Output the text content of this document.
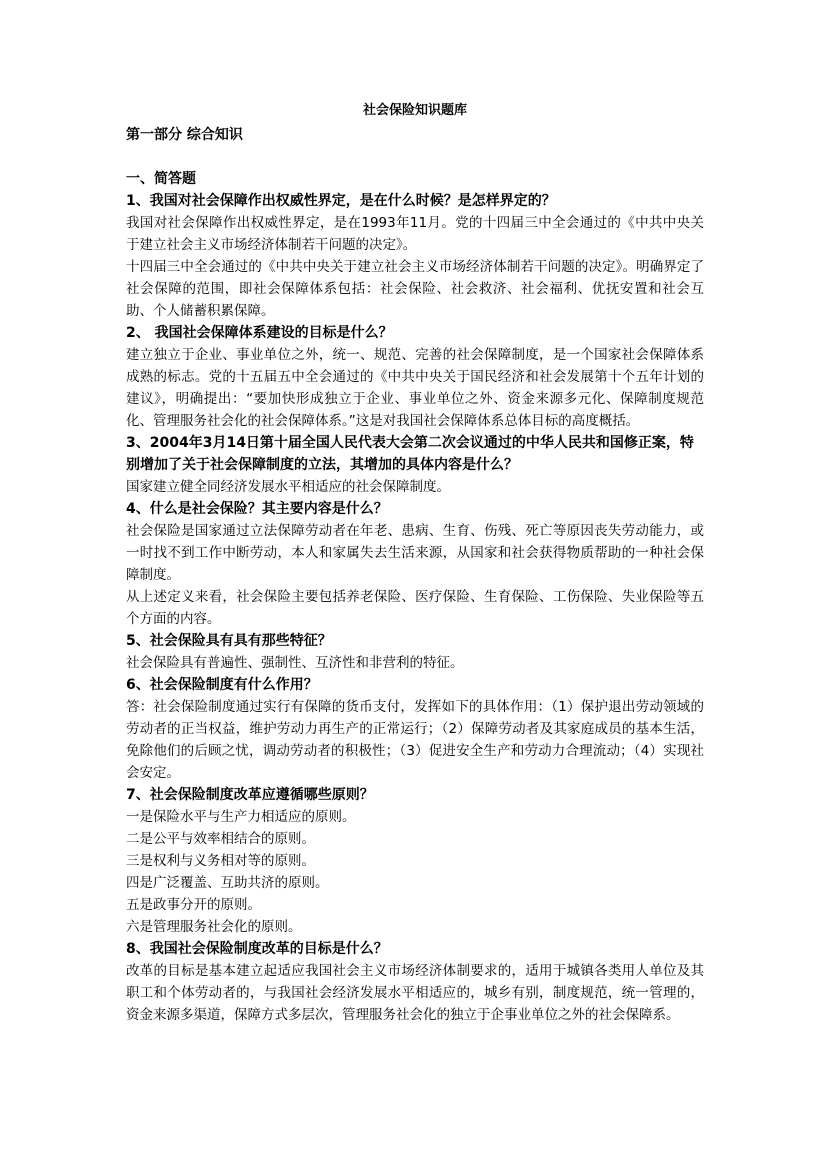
社会保险知识题库
第一部分 综合知识
一、简答题
1、我国对社会保障作出权威性界定，是在什么时候？是怎样界定的？
我国对社会保障作出权威性界定，是在1993年11月。党的十四届三中全会通过的《中共中央关于建立社会主义市场经济体制若干问题的决定》。
十四届三中全会通过的《中共中央关于建立社会主义市场经济体制若干问题的决定》。明确界定了社会保障的范围，即社会保障体系包括：社会保险、社会救济、社会福利、优抚安置和社会互助、个人储蓄积累保障。
2、 我国社会保障体系建设的目标是什么？
建立独立于企业、事业单位之外，统一、规范、完善的社会保障制度，是一个国家社会保障体系成熟的标志。党的十五届五中全会通过的《中共中央关于国民经济和社会发展第十个五年计划的建议》，明确提出：“要加快形成独立于企业、事业单位之外、资金来源多元化、保障制度规范化、管理服务社会化的社会保障体系。”这是对我国社会保障体系总体目标的高度概括。
3、2004年3月14日第十届全国人民代表大会第二次会议通过的中华人民共和国修正案，特别增加了关于社会保障制度的立法，其增加的具体内容是什么？
国家建立健全同经济发展水平相适应的社会保障制度。
4、什么是社会保险？其主要内容是什么？
社会保险是国家通过立法保障劳动者在年老、患病、生育、伤残、死亡等原因丧失劳动能力，或一时找不到工作中断劳动，本人和家属失去生活来源，从国家和社会获得物质帮助的一种社会保障制度。
从上述定义来看，社会保险主要包括养老保险、医疗保险、生育保险、工伤保险、失业保险等五个方面的内容。
5、社会保险具有具有那些特征？
社会保险具有普遍性、强制性、互济性和非营利的特征。
6、社会保险制度有什么作用？
答：社会保险制度通过实行有保障的货币支付，发挥如下的具体作用：（1）保护退出劳动领域的劳动者的正当权益，维护劳动力再生产的正常运行；（2）保障劳动者及其家庭成员的基本生活，免除他们的后顾之忧，调动劳动者的积极性；（3）促进安全生产和劳动力合理流动；（4）实现社会安定。
7、社会保险制度改革应遵循哪些原则？
一是保险水平与生产力相适应的原则。
二是公平与效率相结合的原则。
三是权利与义务相对等的原则。
四是广泛覆盖、互助共济的原则。
五是政事分开的原则。
六是管理服务社会化的原则。
8、我国社会保险制度改革的目标是什么？
改革的目标是基本建立起适应我国社会主义市场经济体制要求的，适用于城镇各类用人单位及其职工和个体劳动者的，与我国社会经济发展水平相适应的，城乡有别，制度规范，统一管理的，资金来源多渠道，保障方式多层次，管理服务社会化的独立于企事业单位之外的社会保障系。
